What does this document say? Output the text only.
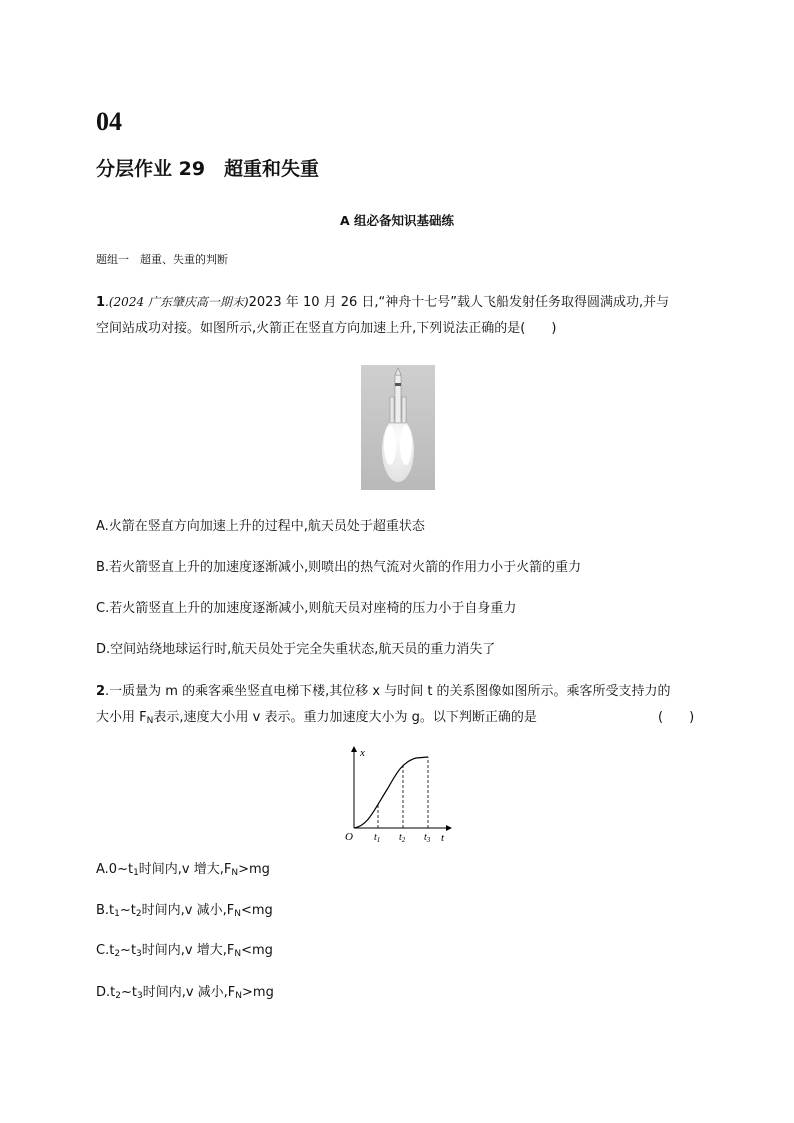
04
分层作业 29　超重和失重
A 组必备知识基础练
题组一　超重、失重的判断
1.(2024 广东肇庆高一期末)2023 年 10 月 26 日,“神舟十七号”载人飞船发射任务取得圆满成功,并与
空间站成功对接。如图所示,火箭正在竖直方向加速上升,下列说法正确的是(　　)
A.火箭在竖直方向加速上升的过程中,航天员处于超重状态
B.若火箭竖直上升的加速度逐渐减小,则喷出的热气流对火箭的作用力小于火箭的重力
C.若火箭竖直上升的加速度逐渐减小,则航天员对座椅的压力小于自身重力
D.空间站绕地球运行时,航天员处于完全失重状态,航天员的重力消失了
2.一质量为 m 的乘客乘坐竖直电梯下楼,其位移 x 与时间 t 的关系图像如图所示。乘客所受支持力的
大小用 $F_N$表示,速度大小用 v 表示。重力加速度大小为 g。以下判断正确的是	(　　)
x
t
O $t_1$ $t_2$ $t_3$
$A.0\sim t_1$时间内,v 增大$,F_N>mg$
$B.t_1\sim t_2$时间内,v 减小$,F_N<mg$
$C.t_2\sim t_3$时间内,v 增大$,F_N<mg$
$D.t_2\sim t_3$时间内,v 减小$,F_N>mg$
